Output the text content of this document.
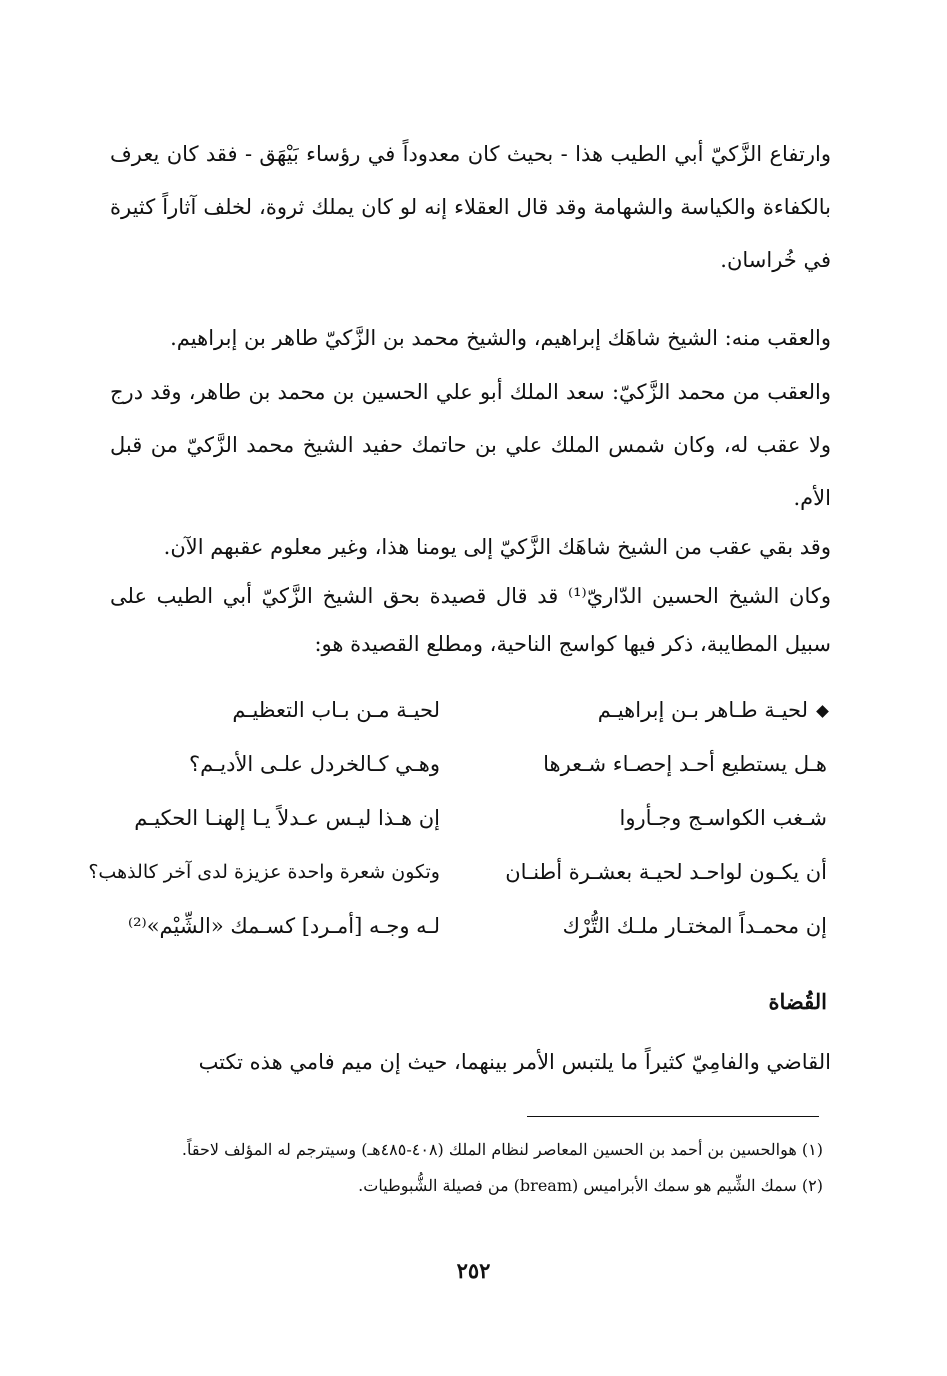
وارتفاع الزَّكيّ أبي الطيب هذا - بحيث كان معدوداً في رؤساء بَيْهَق - فقد كان يعرف بالكفاءة والكياسة والشهامة وقد قال العقلاء إنه لو كان يملك ثروة، لخلف آثاراً كثيرة في خُراسان.

والعقب منه: الشيخ شاهَك إبراهيم، والشيخ محمد بن الزَّكيّ طاهر بن إبراهيم.

والعقب من محمد الزَّكيّ: سعد الملك أبو علي الحسين بن محمد بن طاهر، وقد درج ولا عقب له، وكان شمس الملك علي بن حاتمك حفيد الشيخ محمد الزَّكيّ من قبل الأم.

وقد بقي عقب من الشيخ شاهَك الزَّكيّ إلى يومنا هذا، وغير معلوم عقبهم الآن.

وكان الشيخ الحسين الدّاريّ⁽¹⁾ قد قال قصيدة بحق الشيخ الزَّكيّ أبي الطيب على سبيل المطايبة، ذكر فيها كواسج الناحية، ومطلع القصيدة هو:

لحيـة طـاهر بـن إبراهيـم
لحيـة مـن بـاب التعظيـم
هـل يستطيع أحـد إحصـاء شـعرها
وهـي كـالخردل علـى الأديـم؟
شـغب الكواسـج وجـأروا
إن هـذا ليـس عـدلاً يـا إلهنـا الحكيـم
أن يكـون لواحـد لحيـة بعشـرة أطنـان
وتكون شعرة واحدة عزيزة لدى آخر كالذهب؟
إن محمـداً المختـار ملـك التُّرْك
لـه وجـه [أمـرد] كسـمك «الشِّيْم»⁽²⁾
القُضاة

القاضي والفامِيّ كثيراً ما يلتبس الأمر بينهما، حيث إن ميم فامي هذه تكتب

(١) هوالحسين بن أحمد بن الحسين المعاصر لنظام الملك (٤٠٨-٤٨٥هـ) وسيترجم له المؤلف لاحقاً.

(٢) سمك الشِّيم هو سمك الأبراميس (bream) من فصيلة الشُّبوطيات.

٢٥٢
